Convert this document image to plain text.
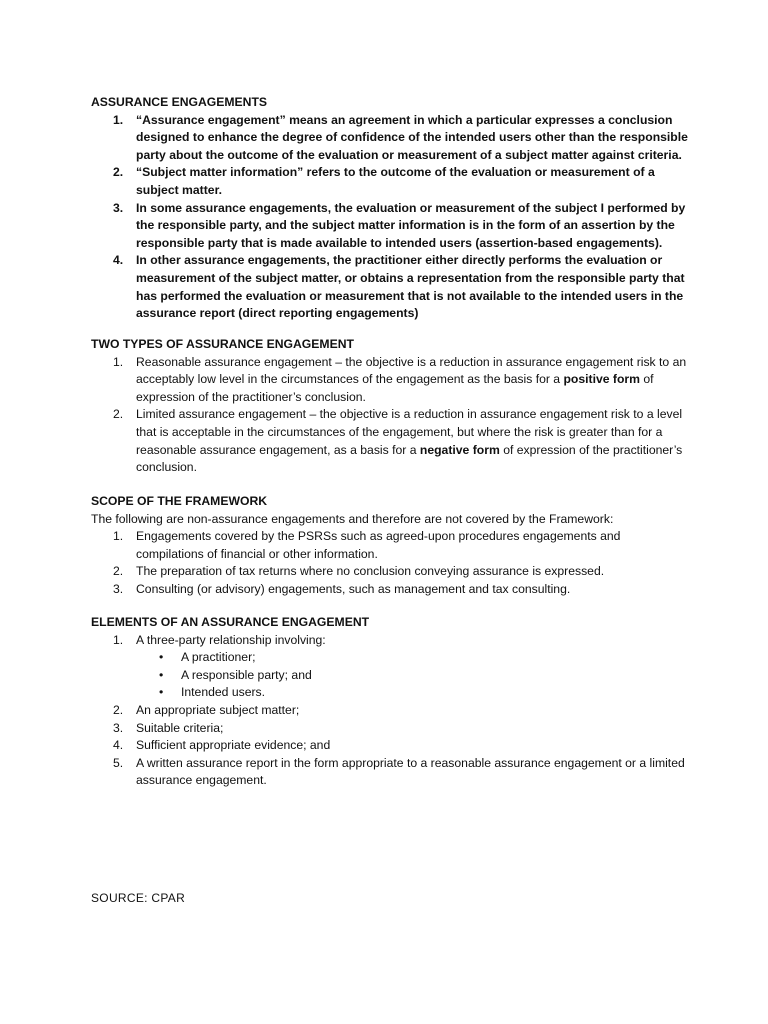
ASSURANCE ENGAGEMENTS
1. “Assurance engagement” means an agreement in which a particular expresses a conclusion designed to enhance the degree of confidence of the intended users other than the responsible party about the outcome of the evaluation or measurement of a subject matter against criteria.
2. “Subject matter information” refers to the outcome of the evaluation or measurement of a subject matter.
3. In some assurance engagements, the evaluation or measurement of the subject I performed by the responsible party, and the subject matter information is in the form of an assertion by the responsible party that is made available to intended users (assertion-based engagements).
4. In other assurance engagements, the practitioner either directly performs the evaluation or measurement of the subject matter, or obtains a representation from the responsible party that has performed the evaluation or measurement that is not available to the intended users in the assurance report (direct reporting engagements)
TWO TYPES OF ASSURANCE ENGAGEMENT
1. Reasonable assurance engagement – the objective is a reduction in assurance engagement risk to an acceptably low level in the circumstances of the engagement as the basis for a positive form of expression of the practitioner’s conclusion.
2. Limited assurance engagement – the objective is a reduction in assurance engagement risk to a level that is acceptable in the circumstances of the engagement, but where the risk is greater than for a reasonable assurance engagement, as a basis for a negative form of expression of the practitioner’s conclusion.
SCOPE OF THE FRAMEWORK
The following are non-assurance engagements and therefore are not covered by the Framework:
1. Engagements covered by the PSRSs such as agreed-upon procedures engagements and compilations of financial or other information.
2. The preparation of tax returns where no conclusion conveying assurance is expressed.
3. Consulting (or advisory) engagements, such as management and tax consulting.
ELEMENTS OF AN ASSURANCE ENGAGEMENT
1. A three-party relationship involving:
• A practitioner;
• A responsible party; and
• Intended users.
2. An appropriate subject matter;
3. Suitable criteria;
4. Sufficient appropriate evidence; and
5. A written assurance report in the form appropriate to a reasonable assurance engagement or a limited assurance engagement.
SOURCE: CPAR
